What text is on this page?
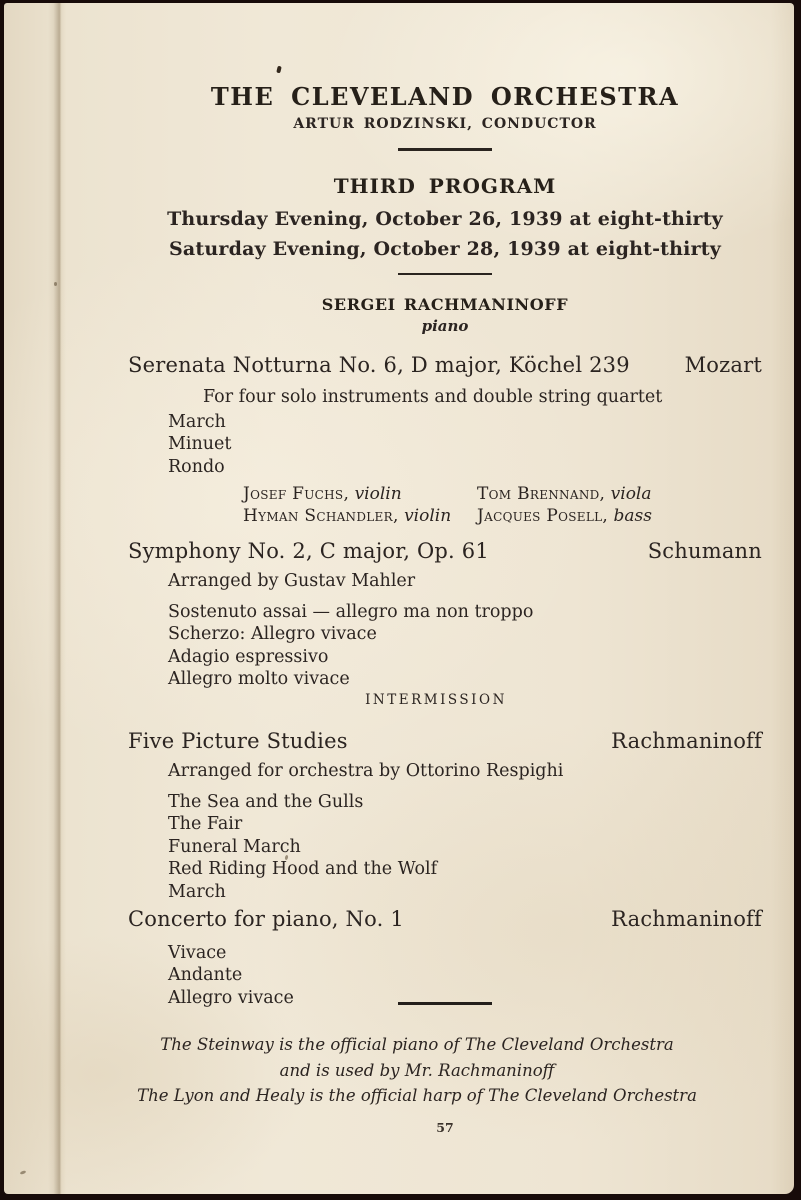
THE CLEVELAND ORCHESTRA
ARTUR RODZINSKI, CONDUCTOR
THIRD PROGRAM
Thursday Evening, October 26, 1939 at eight-thirty
Saturday Evening, October 28, 1939 at eight-thirty
SERGEI RACHMANINOFF
piano
Serenata Notturna No. 6, D major, Köchel 239	Mozart
For four solo instruments and double string quartet
March
Minuet
Rondo
Josef Fuchs, violin	Tom Brennand, viola
Hyman Schandler, violin	Jacques Posell, bass
Symphony No. 2, C major, Op. 61	Schumann
Arranged by Gustav Mahler
Sostenuto assai — allegro ma non troppo
Scherzo: Allegro vivace
Adagio espressivo
Allegro molto vivace
INTERMISSION
Five Picture Studies	Rachmaninoff
Arranged for orchestra by Ottorino Respighi
The Sea and the Gulls
The Fair
Funeral March
Red Riding Hood and the Wolf
March
Concerto for piano, No. 1	Rachmaninoff
Vivace
Andante
Allegro vivace
The Steinway is the official piano of The Cleveland Orchestra
and is used by Mr. Rachmaninoff
The Lyon and Healy is the official harp of The Cleveland Orchestra
57
